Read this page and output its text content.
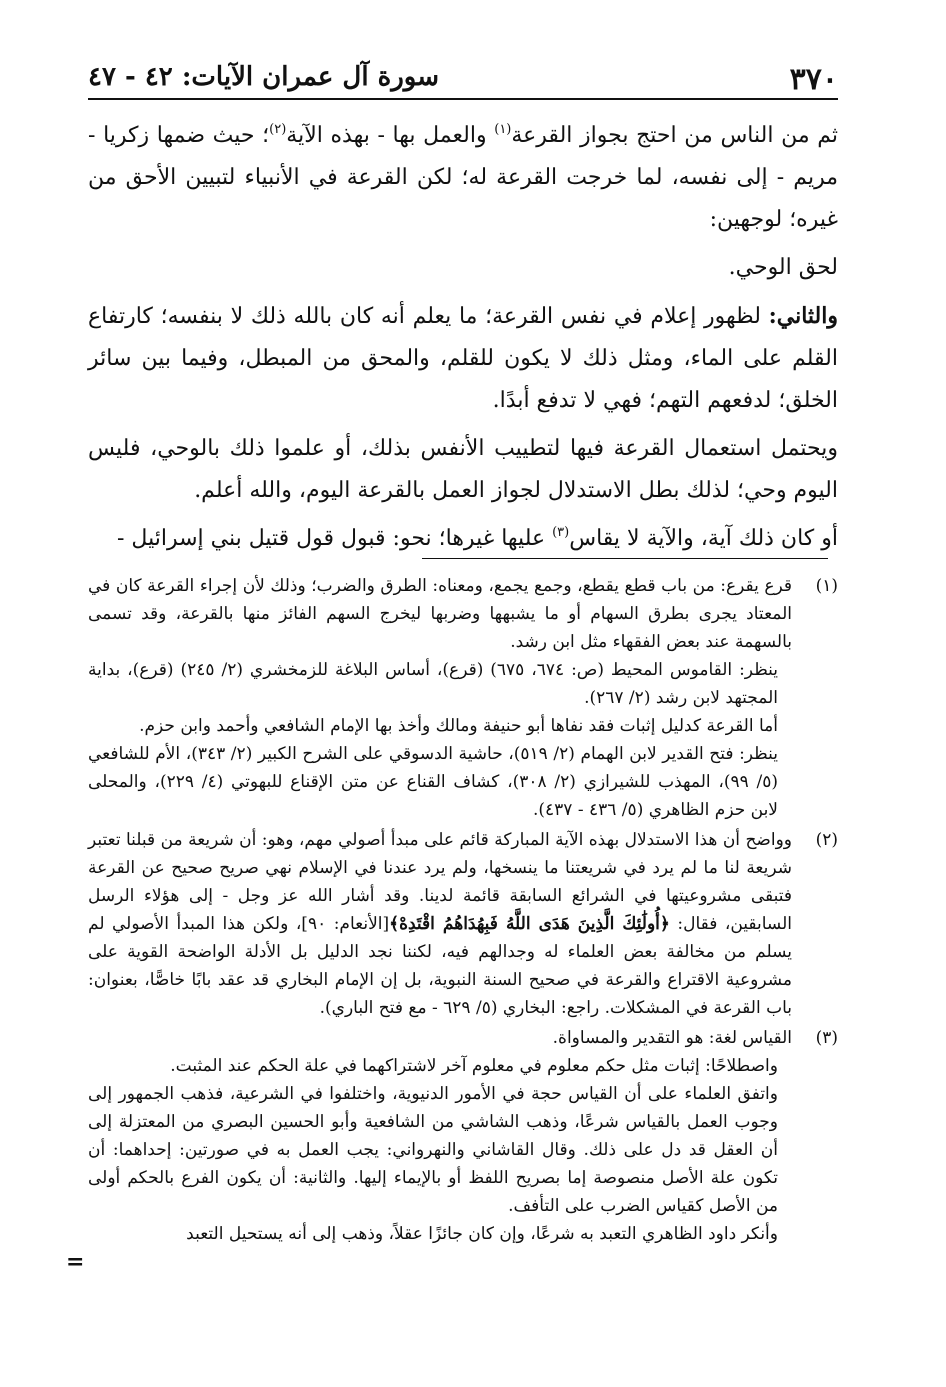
٣٧٠
سورة آل عمران الآيات: ٤٢ - ٤٧

ثم من الناس من احتج بجواز القرعة$^{(١)}$ والعمل بها - بهذه الآية$^{(٢)}$؛ حيث ضمها زكريا - مريم - إلى نفسه، لما خرجت القرعة له؛ لكن القرعة في الأنبياء لتبيين الأحق من غيره؛ لوجهين:

لحق الوحي.

والثاني: لظهور إعلام في نفس القرعة؛ ما يعلم أنه كان بالله ذلك لا بنفسه؛ كارتفاع القلم على الماء، ومثل ذلك لا يكون للقلم، والمحق من المبطل، وفيما بين سائر الخلق؛ لدفعهم التهم؛ فهي لا تدفع أبدًا.

ويحتمل استعمال القرعة فيها لتطييب الأنفس بذلك، أو علموا ذلك بالوحي، فليس اليوم وحي؛ لذلك بطل الاستدلال لجواز العمل بالقرعة اليوم، والله أعلم.

أو كان ذلك آية، والآية لا يقاس$^{(٣)}$ عليها غيرها؛ نحو: قبول قول قتيل بني إسرائيل -

(١)

قرع يقرع: من باب قطع يقطع، وجمع يجمع، ومعناه: الطرق والضرب؛ وذلك لأن إجراء القرعة كان في المعتاد يجرى بطرق السهام أو ما يشبهها وضربها ليخرج السهم الفائز منها بالقرعة، وقد تسمى بالسهمة عند بعض الفقهاء مثل ابن رشد.

ينظر: القاموس المحيط (ص: ٦٧٤، ٦٧٥) (قرع)، أساس البلاغة للزمخشري (٢/ ٢٤٥) (قرع)، بداية المجتهد لابن رشد (٢/ ٢٦٧).

أما القرعة كدليل إثبات فقد نفاها أبو حنيفة ومالك وأخذ بها الإمام الشافعي وأحمد وابن حزم.

ينظر: فتح القدير لابن الهمام (٢/ ٥١٩)، حاشية الدسوقي على الشرح الكبير (٢/ ٣٤٣)، الأم للشافعي (٥/ ٩٩)، المهذب للشيرازي (٢/ ٣٠٨)، كشاف القناع عن متن الإقناع للبهوتي (٤/ ٢٢٩)، والمحلى لابن حزم الظاهري (٥/ ٤٣٦ - ٤٣٧).

(٢)

وواضح أن هذا الاستدلال بهذه الآية المباركة قائم على مبدأ أصولي مهم، وهو: أن شريعة من قبلنا تعتبر شريعة لنا ما لم يرد في شريعتنا ما ينسخها، ولم يرد عندنا في الإسلام نهي صريح صحيح عن القرعة فتبقى مشروعيتها في الشرائع السابقة قائمة لدينا. وقد أشار الله عز وجل - إلى هؤلاء الرسل السابقين، فقال: ﴿أُولَٰئِكَ الَّذِينَ هَدَى اللَّهُ فَبِهُدَاهُمُ اقْتَدِهْ﴾[الأنعام: ٩٠]، ولكن هذا المبدأ الأصولي لم يسلم من مخالفة بعض العلماء له وجدالهم فيه، لكننا نجد الدليل بل الأدلة الواضحة القوية على مشروعية الاقتراع والقرعة في صحيح السنة النبوية، بل إن الإمام البخاري قد عقد بابًا خاصًّا، بعنوان: باب القرعة في المشكلات. راجع: البخاري (٥/ ٦٢٩ - مع فتح الباري).

(٣)

القياس لغة: هو التقدير والمساواة.

واصطلاحًا: إثبات مثل حكم معلوم في معلوم آخر لاشتراكهما في علة الحكم عند المثبت.

واتفق العلماء على أن القياس حجة في الأمور الدنيوية، واختلفوا في الشرعية، فذهب الجمهور إلى وجوب العمل بالقياس شرعًا، وذهب الشاشي من الشافعية وأبو الحسين البصري من المعتزلة إلى أن العقل قد دل على ذلك. وقال القاشاني والنهرواني: يجب العمل به في صورتين: إحداهما: أن تكون علة الأصل منصوصة إما بصريح اللفظ أو بالإيماء إليها. والثانية: أن يكون الفرع بالحكم أولى من الأصل كقياس الضرب على التأفف.

وأنكر داود الظاهري التعبد به شرعًا، وإن كان جائزًا عقلاً، وذهب إلى أنه يستحيل التعبد

=
